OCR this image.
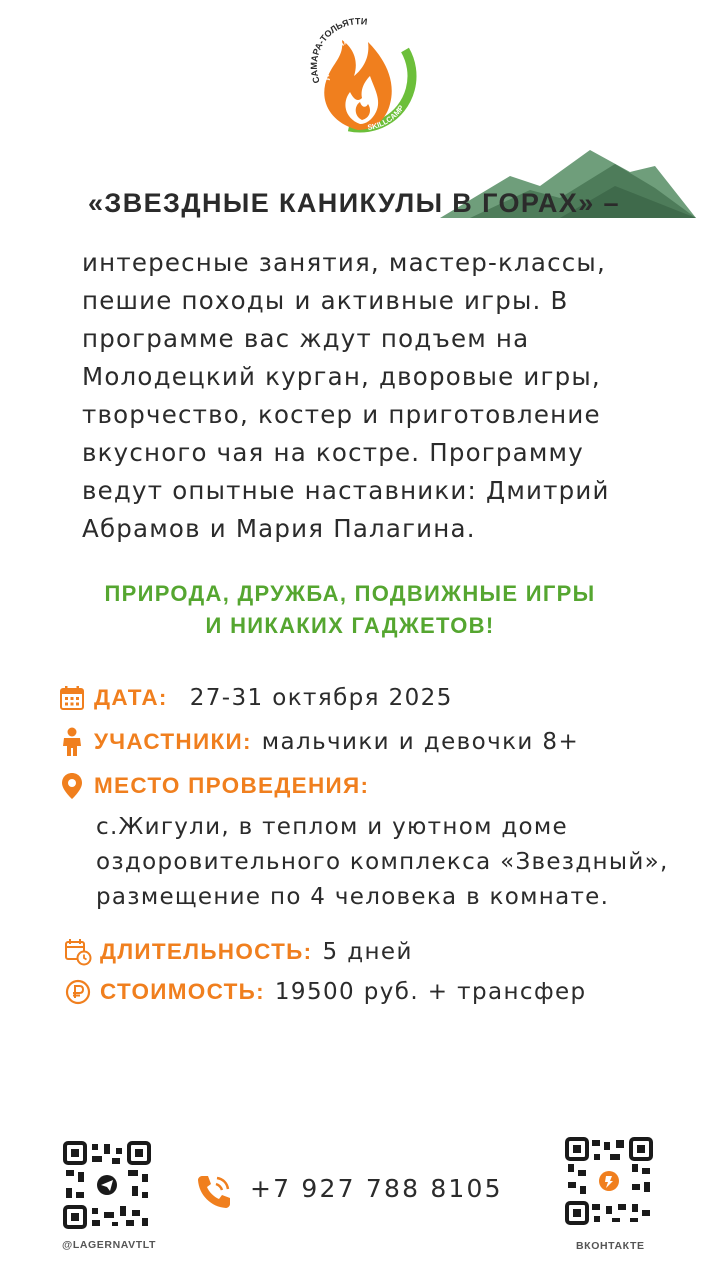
САМАРА-ТОЛЬЯТТИ
ЛАГЕРЬ НАВЫКА
SKILLCAMP
«ЗВЕЗДНЫЕ КАНИКУЛЫ В ГОРАХ» –
интересные занятия, мастер-классы,
пешие походы и активные игры. В
программе вас ждут подъем на
Молодецкий курган, дворовые игры,
творчество, костер и приготовление
вкусного чая на костре. Программу
ведут опытные наставники: Дмитрий
Абрамов и Мария Палагина.
ПРИРОДА, ДРУЖБА, ПОДВИЖНЫЕ ИГРЫ
И НИКАКИХ ГАДЖЕТОВ!
ДАТА: 27-31 октября 2025
УЧАСТНИКИ: мальчики и девочки 8+
МЕСТО ПРОВЕДЕНИЯ:
с.Жигули, в теплом и уютном доме
оздоровительного комплекса «Звездный»,
размещение по 4 человека в комнате.
ДЛИТЕЛЬНОСТЬ: 5 дней
СТОИМОСТЬ: 19500 руб. + трансфер
@LAGERNAVTLT
+7 927 788 8105
ВКОНТАКТЕ
